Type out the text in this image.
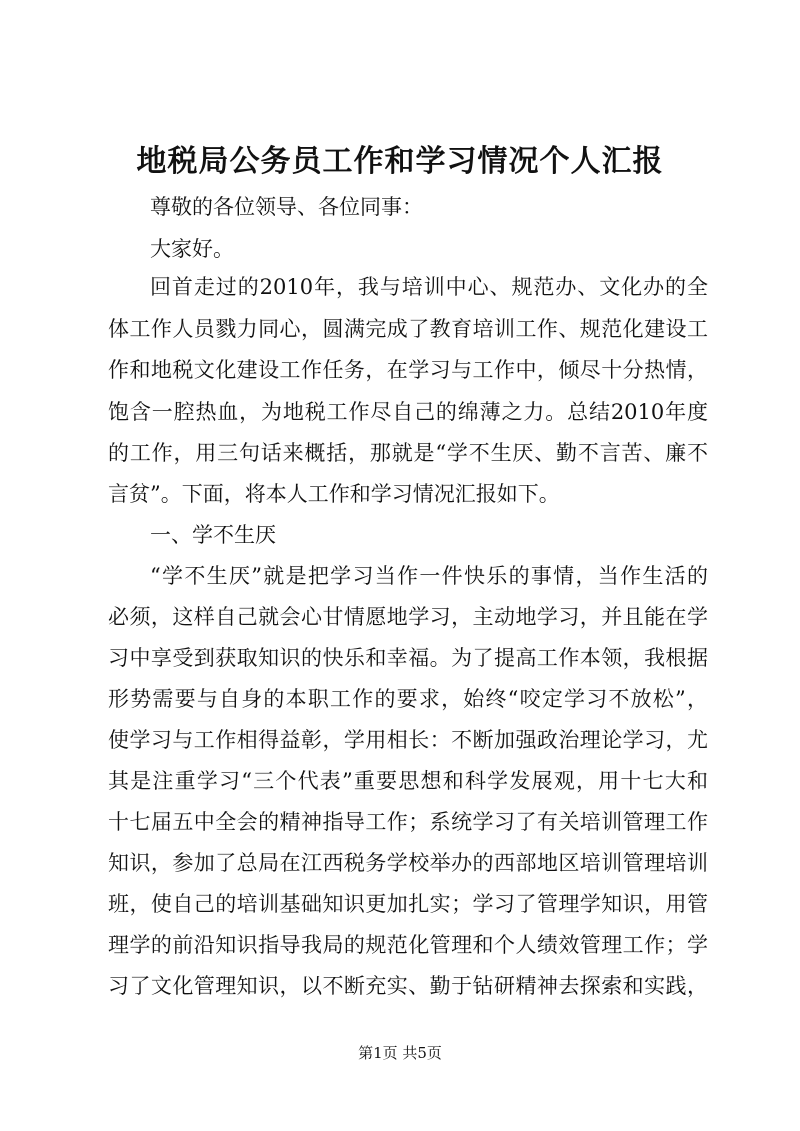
地税局公务员工作和学习情况个人汇报
尊敬的各位领导、各位同事：
大家好。
回首走过的2010年，我与培训中心、规范办、文化办的全
体工作人员戮力同心，圆满完成了教育培训工作、规范化建设工
作和地税文化建设工作任务，在学习与工作中，倾尽十分热情，
饱含一腔热血，为地税工作尽自己的绵薄之力。总结2010年度
的工作，用三句话来概括，那就是“学不生厌、勤不言苦、廉不
言贫”。下面，将本人工作和学习情况汇报如下。
一、学不生厌
“学不生厌”就是把学习当作一件快乐的事情，当作生活的
必须，这样自己就会心甘情愿地学习，主动地学习，并且能在学
习中享受到获取知识的快乐和幸福。为了提高工作本领，我根据
形势需要与自身的本职工作的要求，始终“咬定学习不放松”，
使学习与工作相得益彰，学用相长：不断加强政治理论学习，尤
其是注重学习“三个代表”重要思想和科学发展观，用十七大和
十七届五中全会的精神指导工作；系统学习了有关培训管理工作
知识，参加了总局在江西税务学校举办的西部地区培训管理培训
班，使自己的培训基础知识更加扎实；学习了管理学知识，用管
理学的前沿知识指导我局的规范化管理和个人绩效管理工作；学
习了文化管理知识，以不断充实、勤于钻研精神去探索和实践，
第1页 共5页
